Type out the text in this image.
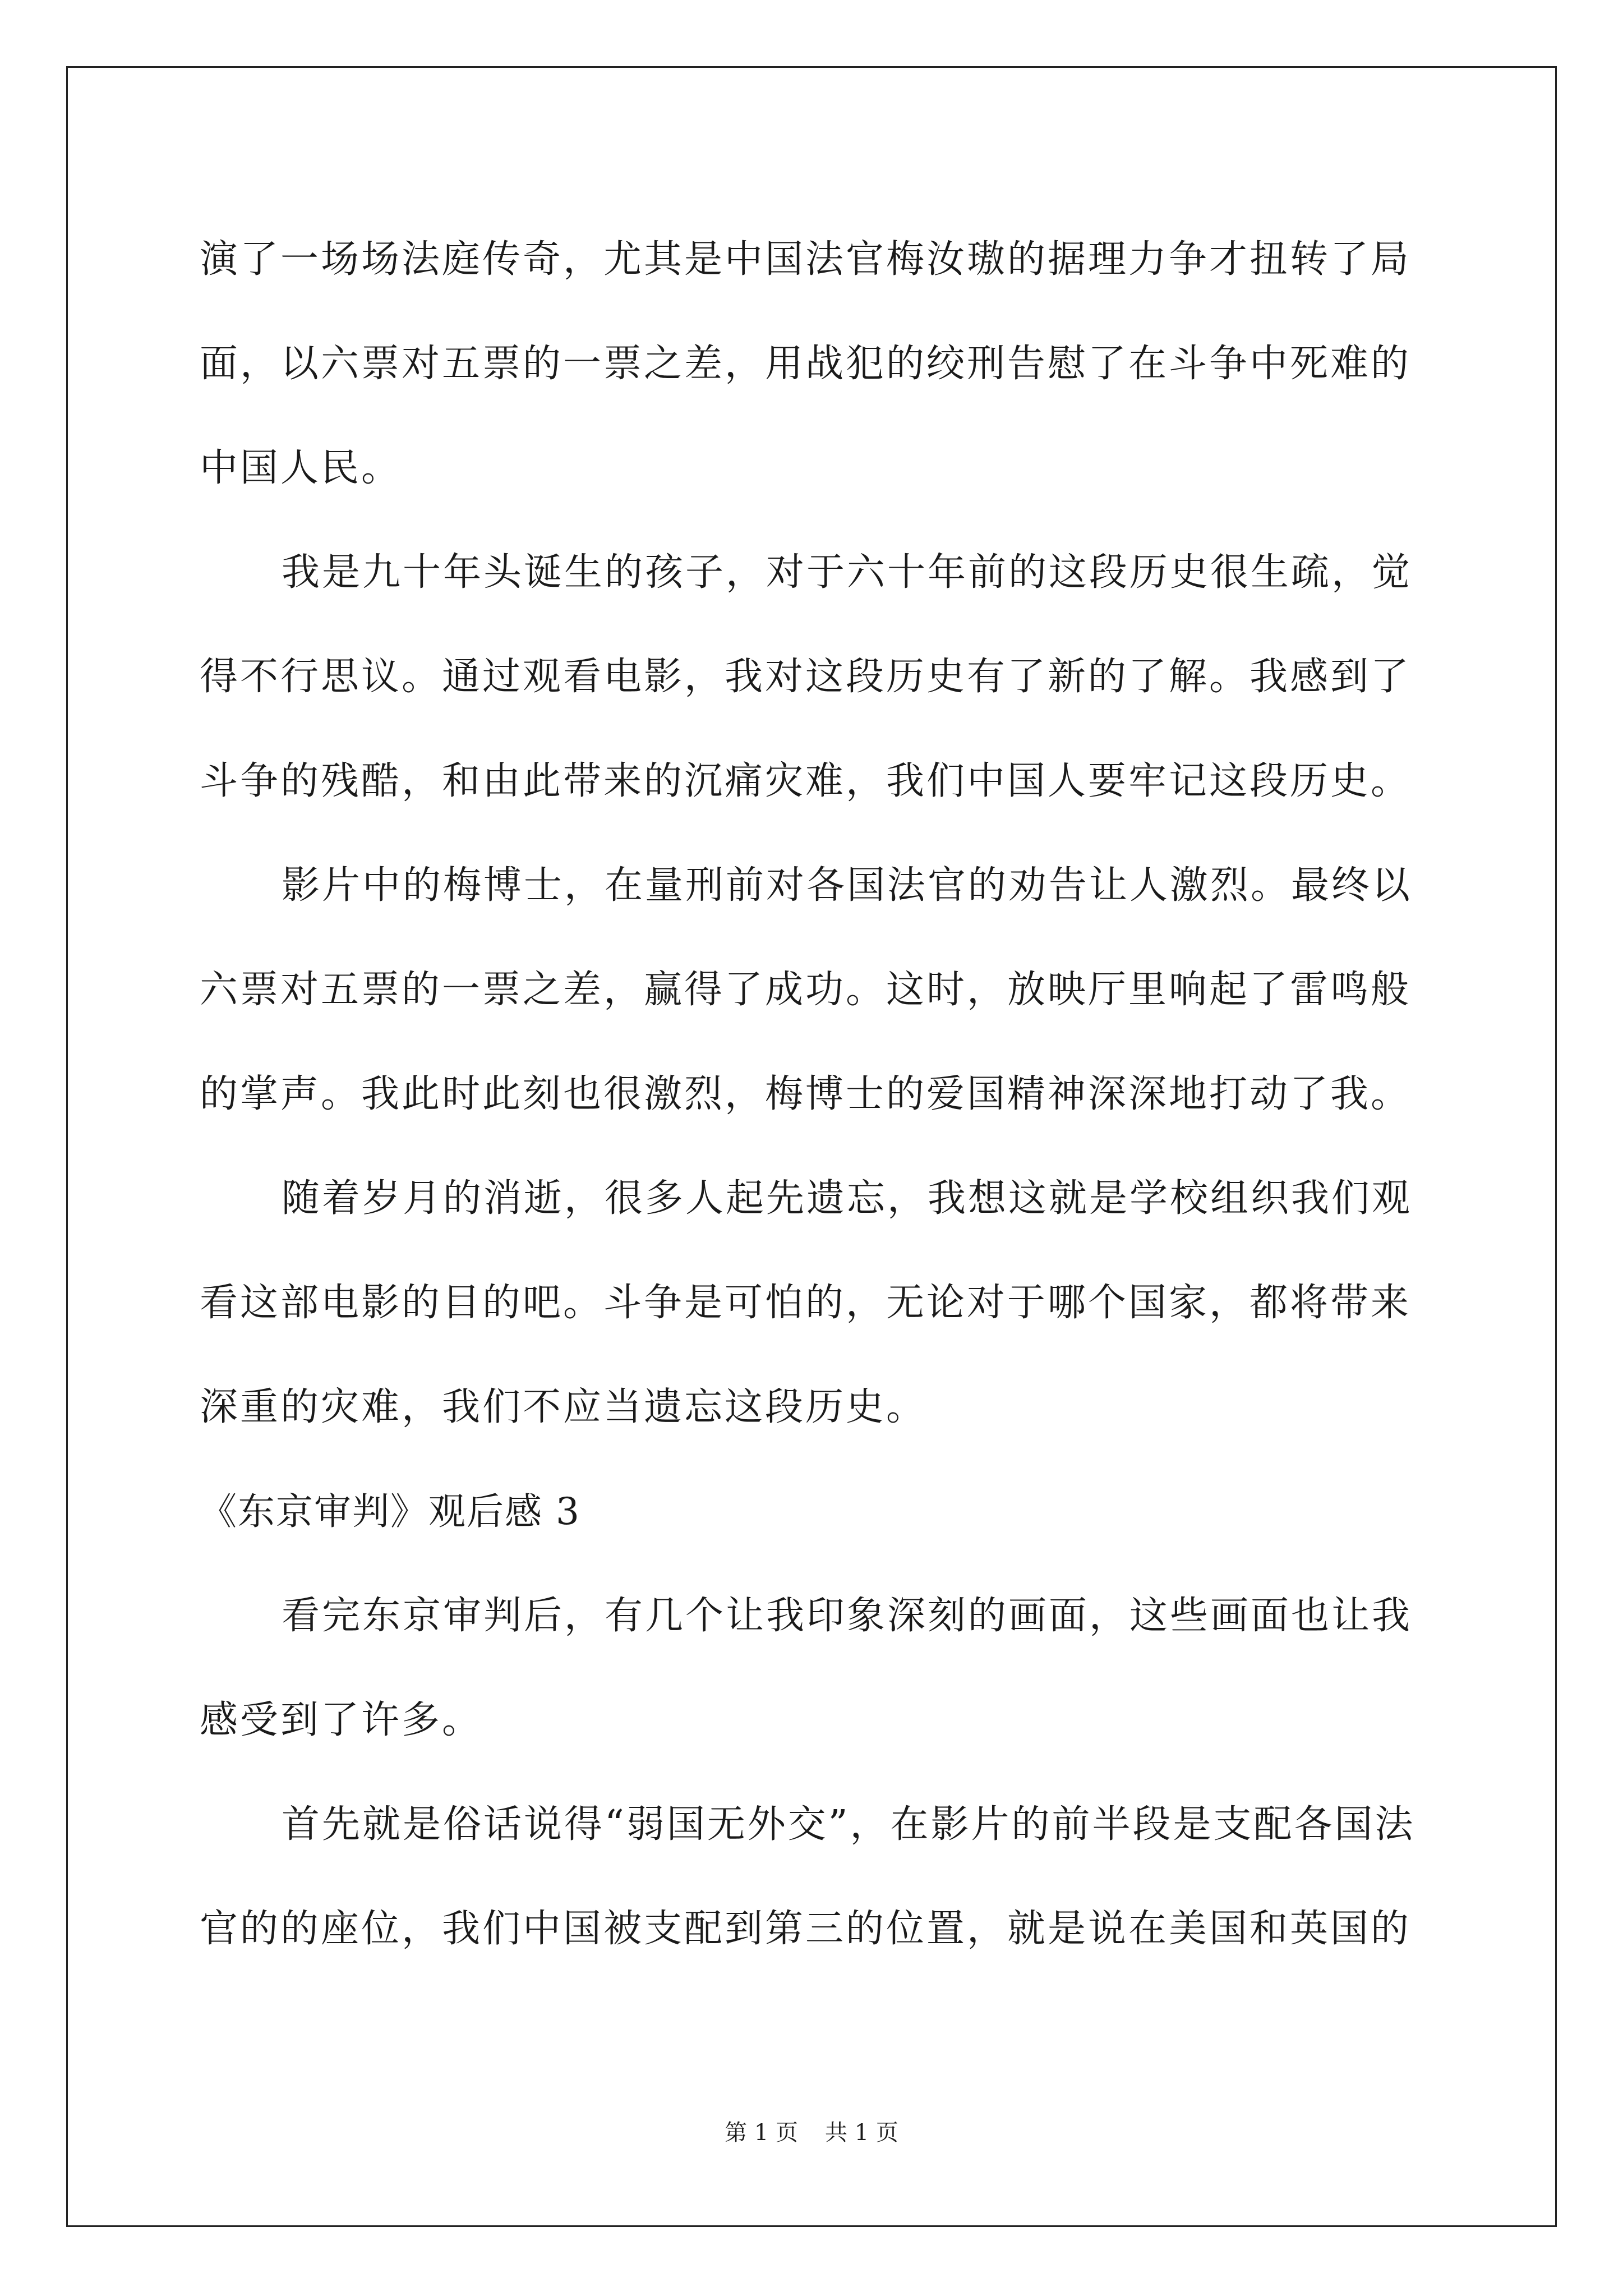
演了一场场法庭传奇，尤其是中国法官梅汝璈的据理力争才扭转了局
面，以六票对五票的一票之差，用战犯的绞刑告慰了在斗争中死难的
中国人民。
我是九十年头诞生的孩子，对于六十年前的这段历史很生疏，觉
得不行思议。通过观看电影，我对这段历史有了新的了解。我感到了
斗争的残酷，和由此带来的沉痛灾难，我们中国人要牢记这段历史。
影片中的梅博士，在量刑前对各国法官的劝告让人激烈。最终以
六票对五票的一票之差，赢得了成功。这时，放映厅里响起了雷鸣般
的掌声。我此时此刻也很激烈，梅博士的爱国精神深深地打动了我。
随着岁月的消逝，很多人起先遗忘，我想这就是学校组织我们观
看这部电影的目的吧。斗争是可怕的，无论对于哪个国家，都将带来
深重的灾难，我们不应当遗忘这段历史。
《东京审判》观后感 3
看完东京审判后，有几个让我印象深刻的画面，这些画面也让我
感受到了许多。
首先就是俗话说得“弱国无外交”，在影片的前半段是支配各国法
官的的座位，我们中国被支配到第三的位置，就是说在美国和英国的
第 1 页 共 1 页
